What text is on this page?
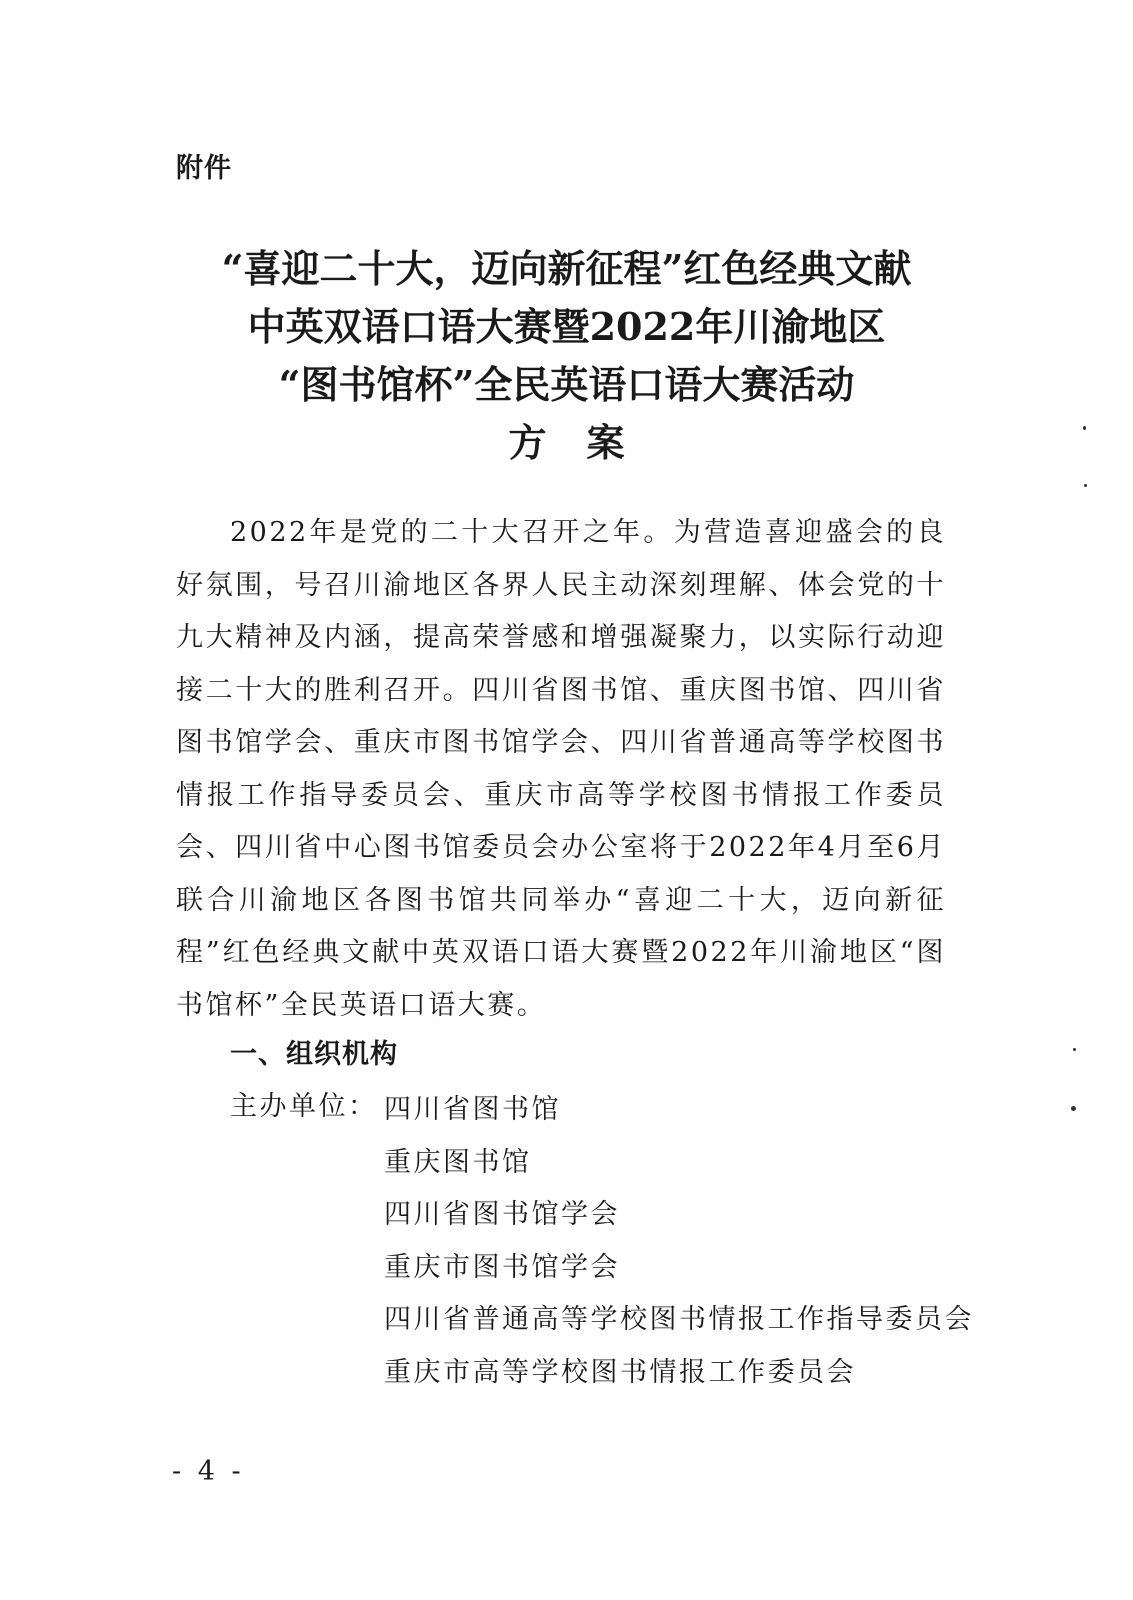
附件
“喜迎二十大，迈向新征程”红色经典文献
中英双语口语大赛暨2022年川渝地区
“图书馆杯”全民英语口语大赛活动
方案
2022年是党的二十大召开之年。为营造喜迎盛会的良好氛围，号召川渝地区各界人民主动深刻理解、体会党的十九大精神及内涵，提高荣誉感和增强凝聚力，以实际行动迎接二十大的胜利召开。四川省图书馆、重庆图书馆、四川省图书馆学会、重庆市图书馆学会、四川省普通高等学校图书情报工作指导委员会、重庆市高等学校图书情报工作委员会、四川省中心图书馆委员会办公室将于2022年4月至6月联合川渝地区各图书馆共同举办“喜迎二十大，迈向新征程”红色经典文献中英双语口语大赛暨2022年川渝地区“图书馆杯”全民英语口语大赛。
一、组织机构
主办单位： 四川省图书馆
重庆图书馆
四川省图书馆学会
重庆市图书馆学会
四川省普通高等学校图书情报工作指导委员会
重庆市高等学校图书情报工作委员会
- 4 -
